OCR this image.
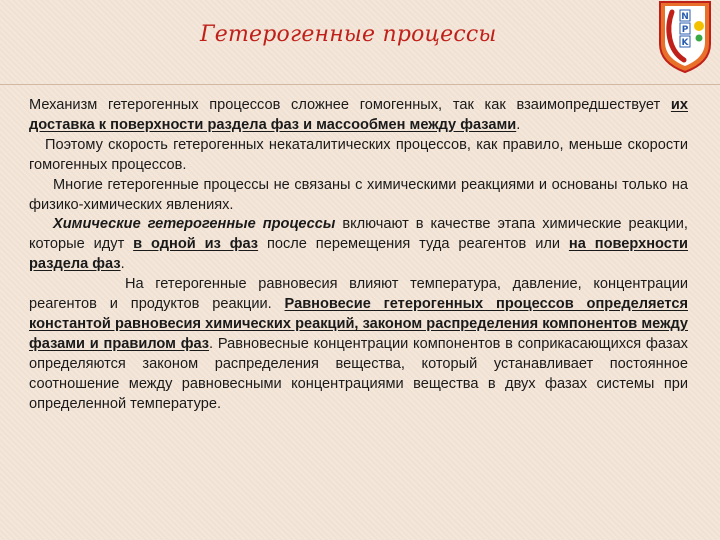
Гетерогенные процессы
N
P
K

Механизм гетерогенных процессов сложнее гомогенных, так как взаимопредшествует их доставка к поверхности раздела фаз и массообмен между фазами.

Поэтому скорость гетерогенных некаталитических процессов, как правило, меньше скорости гомогенных процессов.

Многие гетерогенные процессы не связаны с химическими реакциями и основаны только на физико-химических явлениях.

Химические гетерогенные процессы включают в качестве этапа химические реакции, которые идут в одной из фаз после перемещения туда реагентов или на поверхности раздела фаз.

На гетерогенные равновесия влияют температура, давление, концентрации реагентов и продуктов реакции. Равновесие гетерогенных процессов определяется константой равновесия химических реакций, законом распределения компонентов между фазами и правилом фаз. Равновесные концентрации компонентов в соприкасающихся фазах определяются законом распределения вещества, который устанавливает постоянное соотношение между равновесными концентрациями вещества в двух фазах системы при определенной температуре.
